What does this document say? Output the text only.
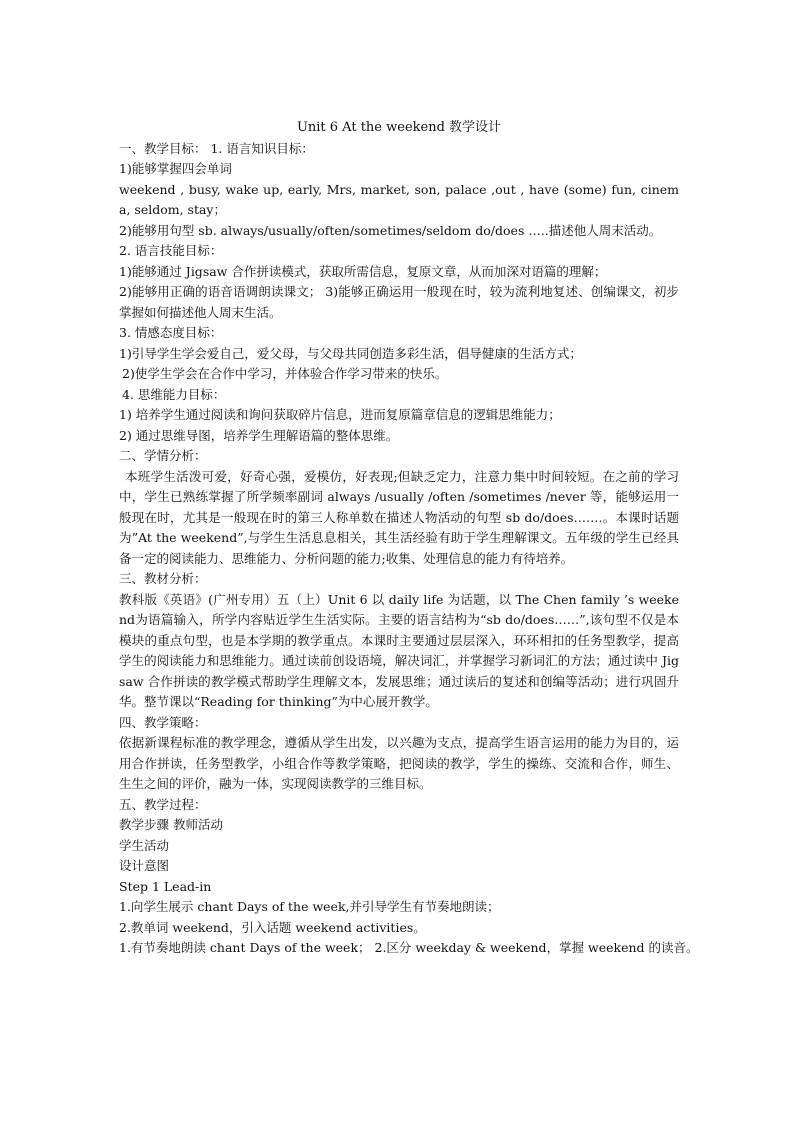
Unit 6 At the weekend 教学设计
一、教学目标： 1. 语言知识目标：
1)能够掌握四会单词
weekend , busy, wake up, early, Mrs, market, son, palace ,out , have (some) fun, cinema, seldom, stay；
2)能够用句型 sb. always/usually/often/sometimes/seldom do/does …..描述他人周末活动。
2. 语言技能目标：
1)能够通过 Jigsaw 合作拼读模式，获取所需信息，复原文章，从而加深对语篇的理解；
2)能够用正确的语音语调朗读课文； 3)能够正确运用一般现在时，较为流利地复述、创编课文，初步掌握如何描述他人周末生活。
3. 情感态度目标：
1)引导学生学会爱自己，爱父母，与父母共同创造多彩生活，倡导健康的生活方式；
2)使学生学会在合作中学习，并体验合作学习带来的快乐。
4. 思维能力目标：
1) 培养学生通过阅读和询问获取碎片信息，进而复原篇章信息的逻辑思维能力；
2) 通过思维导图，培养学生理解语篇的整体思维。
二、学情分析：
本班学生活泼可爱，好奇心强，爱模仿，好表现;但缺乏定力，注意力集中时间较短。在之前的学习中，学生已熟练掌握了所学频率副词 always /usually /often /sometimes /never 等，能够运用一般现在时，尤其是一般现在时的第三人称单数在描述人物活动的句型 sb do/does…….。本课时话题为”At the weekend”,与学生生活息息相关，其生活经验有助于学生理解课文。五年级的学生已经具备一定的阅读能力、思维能力、分析问题的能力;收集、处理信息的能力有待培养。
三、教材分析：
教科版《英语》(广州专用）五（上）Unit 6 以 daily life 为话题，以 The Chen family ’s weekend为语篇输入，所学内容贴近学生生活实际。主要的语言结构为“sb do/does……”,该句型不仅是本模块的重点句型，也是本学期的教学重点。本课时主要通过层层深入，环环相扣的任务型教学，提高学生的阅读能力和思维能力。通过读前创设语境，解决词汇，并掌握学习新词汇的方法；通过读中 Jigsaw 合作拼读的教学模式帮助学生理解文本，发展思维；通过读后的复述和创编等活动；进行巩固升华。整节课以“Reading for thinking”为中心展开教学。
四、教学策略：
依据新课程标准的教学理念，遵循从学生出发，以兴趣为支点，提高学生语言运用的能力为目的，运用合作拼读，任务型教学，小组合作等教学策略，把阅读的教学，学生的操练、交流和合作，师生、生生之间的评价，融为一体，实现阅读教学的三维目标。
五、教学过程：
教学步骤 教师活动
学生活动
设计意图
Step 1 Lead-in
1.向学生展示 chant Days of the week,并引导学生有节奏地朗读；
2.教单词 weekend，引入话题 weekend activities。
1.有节奏地朗读 chant Days of the week； 2.区分 weekday & weekend，掌握 weekend 的读音。
